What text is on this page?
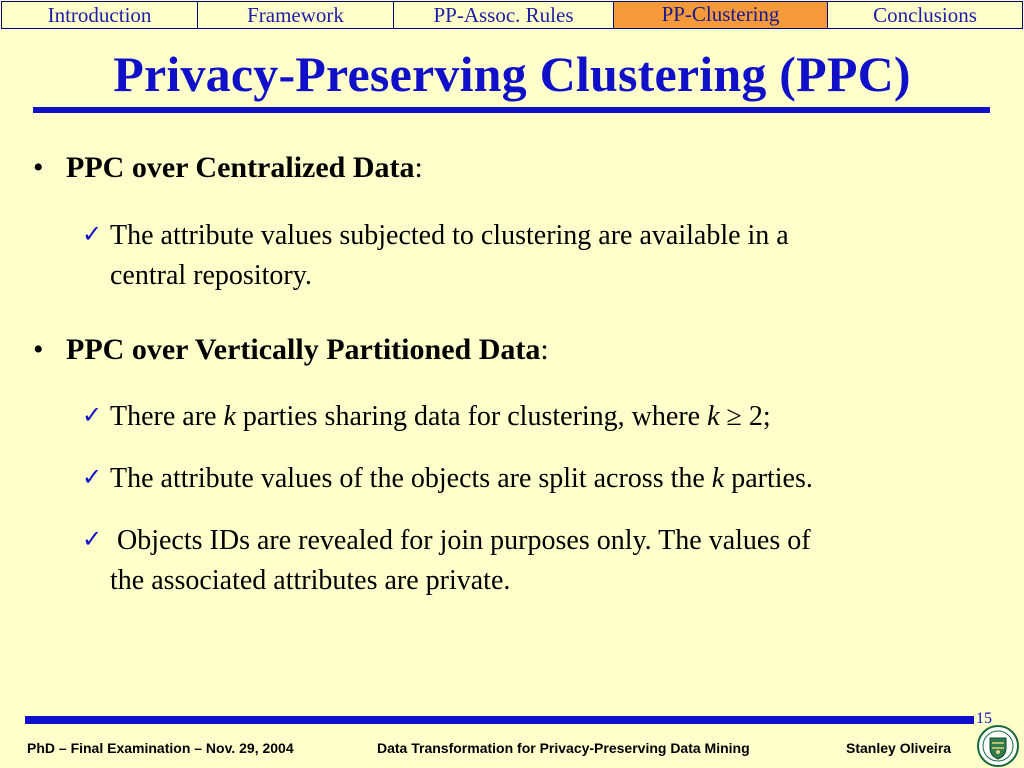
Introduction	Framework	PP-Assoc. Rules	PP-Clustering	Conclusions
Privacy-Preserving Clustering (PPC)
• PPC over Centralized Data :
✓ The attribute values subjected to clustering are available in a
central repository.
• PPC over Vertically Partitioned Data :
✓ There are k parties sharing data for clustering, where k ≥ 2;
✓ The attribute values of the objects are split across the k parties.
✓ Objects IDs are revealed for join purposes only. The values of
the associated attributes are private.
15
PhD – Final Examination – Nov. 29, 2004	Data Transformation for Privacy-Preserving Data Mining	Stanley Oliveira
